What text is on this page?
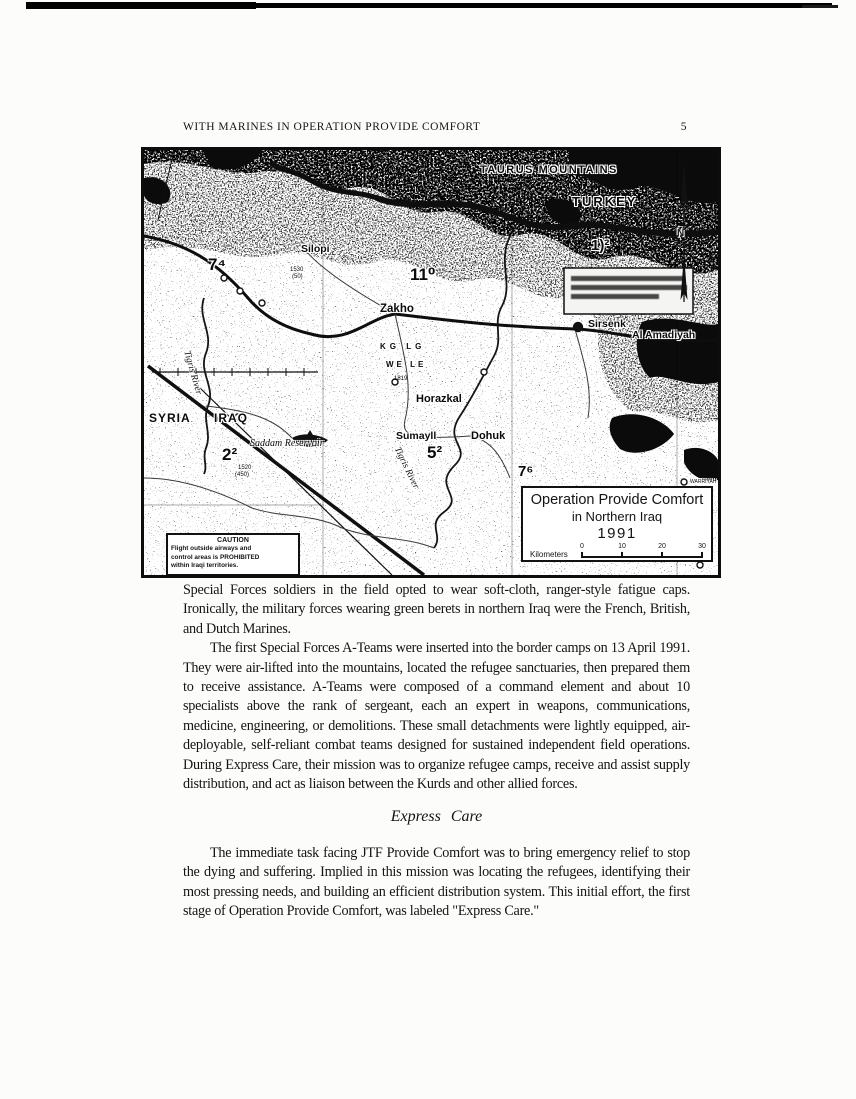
WITH MARINES IN OPERATION PROVIDE COMFORT	5
TAURUS MOUNTAINS
TURKEY
Silopi
7⁴
11⁰
1)²
Zakho
Sirsenk
Al Amadiyah
Horazkal
KG LG
WE LE
Tigris River
SYRIA IRAQ
Saddam Reservoir
2²
Sumayll
5²
Dohuk
Tigris River	7⁶
WARRIYAH
1530
(50)
1520
(450)
1819
N
CAUTION
Flight outside airways and
control areas is PROHIBITED
within Iraqi territories.
Operation Provide Comfort
in Northern Iraq
1991
Kilometers
0	10	20	30

Special Forces soldiers in the field opted to wear soft-cloth, ranger-style fatigue caps. Ironically, the military forces wearing green berets in northern Iraq were the French, British, and Dutch Marines.

The first Special Forces A-Teams were inserted into the border camps on 13 April 1991. They were air-lifted into the mountains, located the refugee sanctuaries, then prepared them to receive assistance. A-Teams were composed of a command element and about 10 specialists above the rank of sergeant, each an expert in weapons, communications, medicine, engineering, or demolitions. These small detachments were lightly equipped, air-deployable, self-reliant combat teams designed for sustained independent field operations. During Express Care, their mission was to organize refugee camps, receive and assist supply distribution, and act as liaison between the Kurds and other allied forces.

Express Care

The immediate task facing JTF Provide Comfort was to bring emergency relief to stop the dying and suffering. Implied in this mission was locating the refugees, identifying their most pressing needs, and building an efficient distribution system. This initial effort, the first stage of Operation Provide Comfort, was labeled "Express Care."
